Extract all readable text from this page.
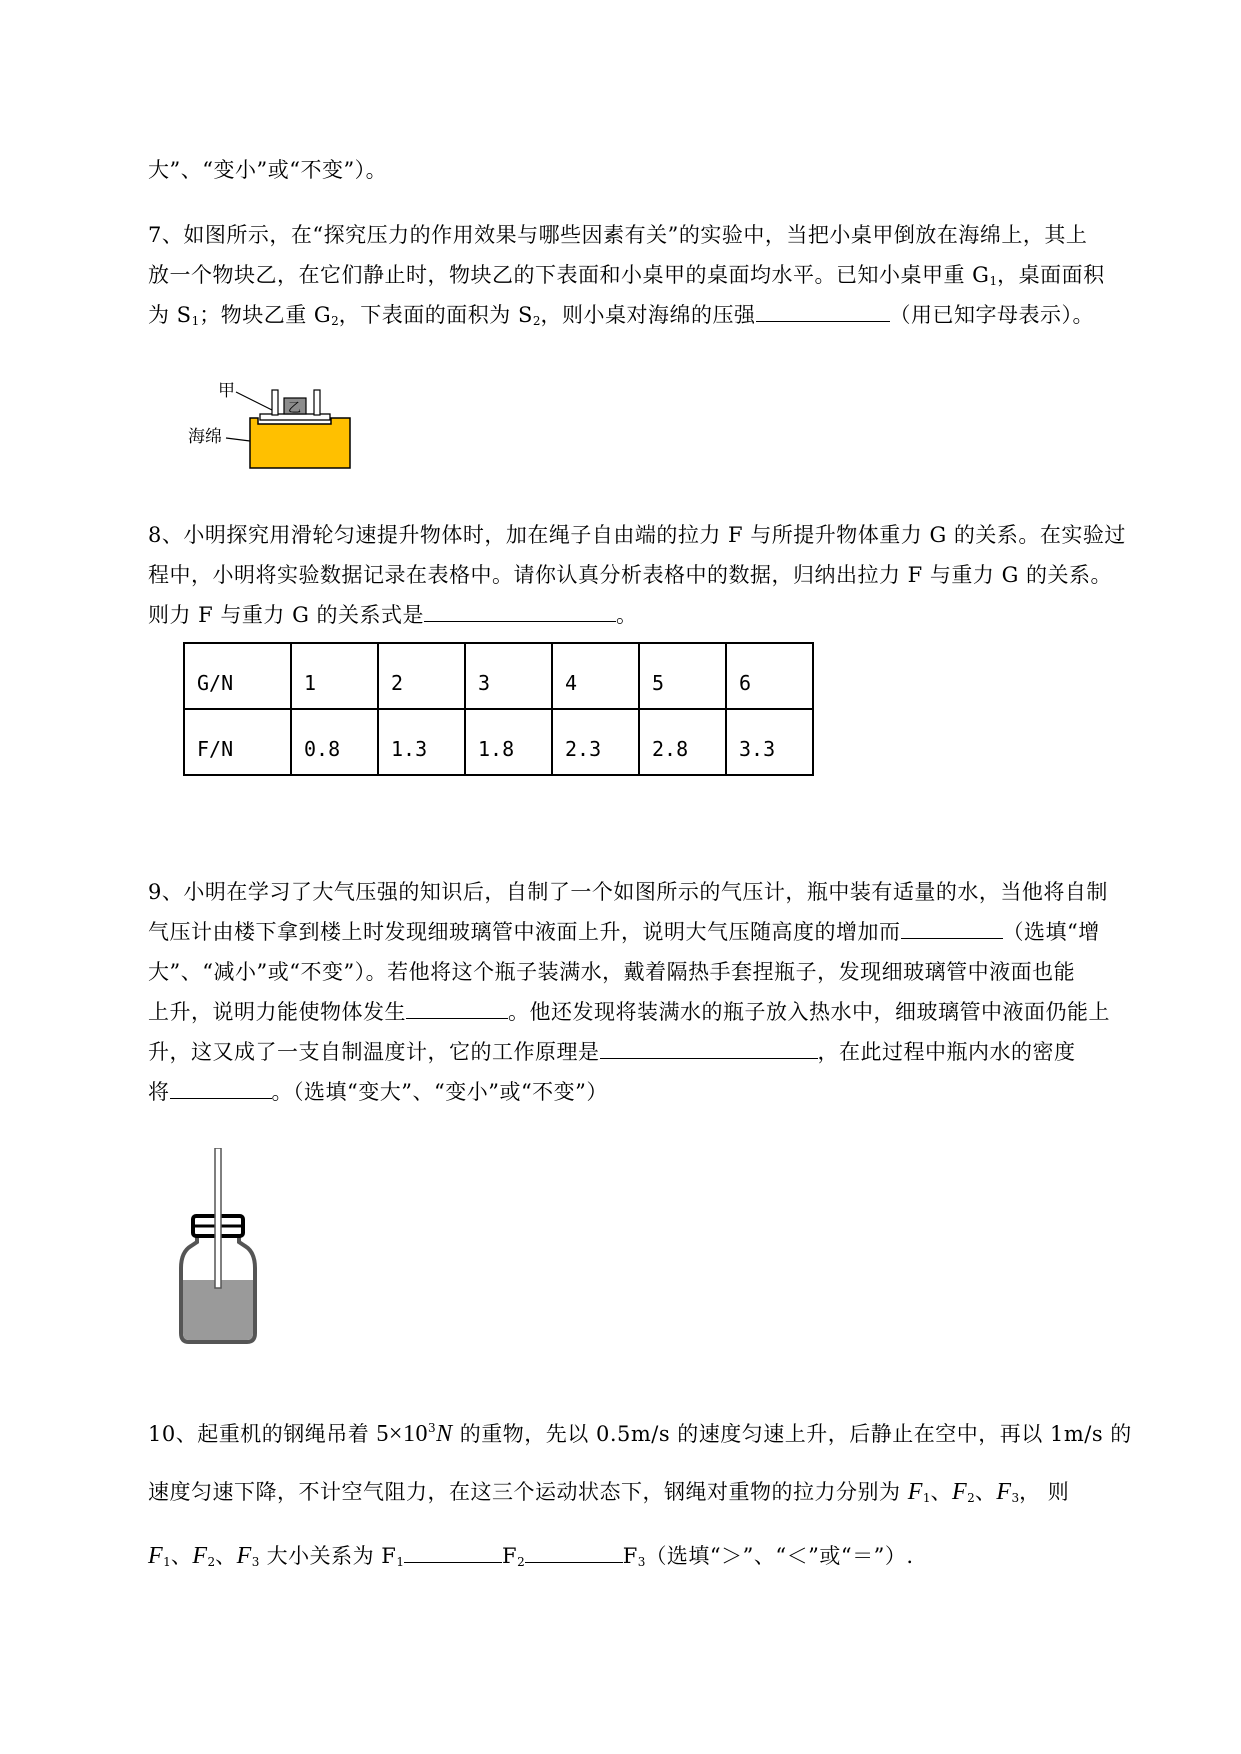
大”、“变小”或“不变”）。
7、如图所示，在“探究压力的作用效果与哪些因素有关”的实验中，当把小桌甲倒放在海绵上，其上
放一个物块乙，在它们静止时，物块乙的下表面和小桌甲的桌面均水平。已知小桌甲重 $G_1$，桌面面积
为 $S_1$；物块乙重 $G_2$，下表面的面积为 $S_2$，则小桌对海绵的压强	（用已知字母表示）。
甲
乙
海绵
8、小明探究用滑轮匀速提升物体时，加在绳子自由端的拉力 F 与所提升物体重力 G 的关系。在实验过
程中，小明将实验数据记录在表格中。请你认真分析表格中的数据，归纳出拉力 F 与重力 G 的关系。
则力 F 与重力 G 的关系式是	。
G/N	1	2	3	4	5	6
F/N	0.8	1.3	1.8	2.3	2.8	3.3
9、小明在学习了大气压强的知识后，自制了一个如图所示的气压计，瓶中装有适量的水，当他将自制
气压计由楼下拿到楼上时发现细玻璃管中液面上升，说明大气压随高度的增加而	（选填“增
大”、“减小”或“不变”）。若他将这个瓶子装满水，戴着隔热手套捏瓶子，发现细玻璃管中液面也能
上升，说明力能使物体发生	。他还发现将装满水的瓶子放入热水中，细玻璃管中液面仍能上
升，这又成了一支自制温度计，它的工作原理是	，在此过程中瓶内水的密度
将	。（选填“变大”、“变小”或“不变”）
10、起重机的钢绳吊着 $5\times 10^3N$ 的重物，先以 0.5m/s 的速度匀速上升，后静止在空中，再以 1m/s 的
速度匀速下降，不计空气阻力，在这三个运动状态下，钢绳对重物的拉力分别为 $F_1$、$F_2$、$F_3$， 则
$F_1$、$F_2$、$F_3$ 大小关系为 $F_1$	$F_2$	$F_3$（选填“＞”、“＜”或“＝”）.
